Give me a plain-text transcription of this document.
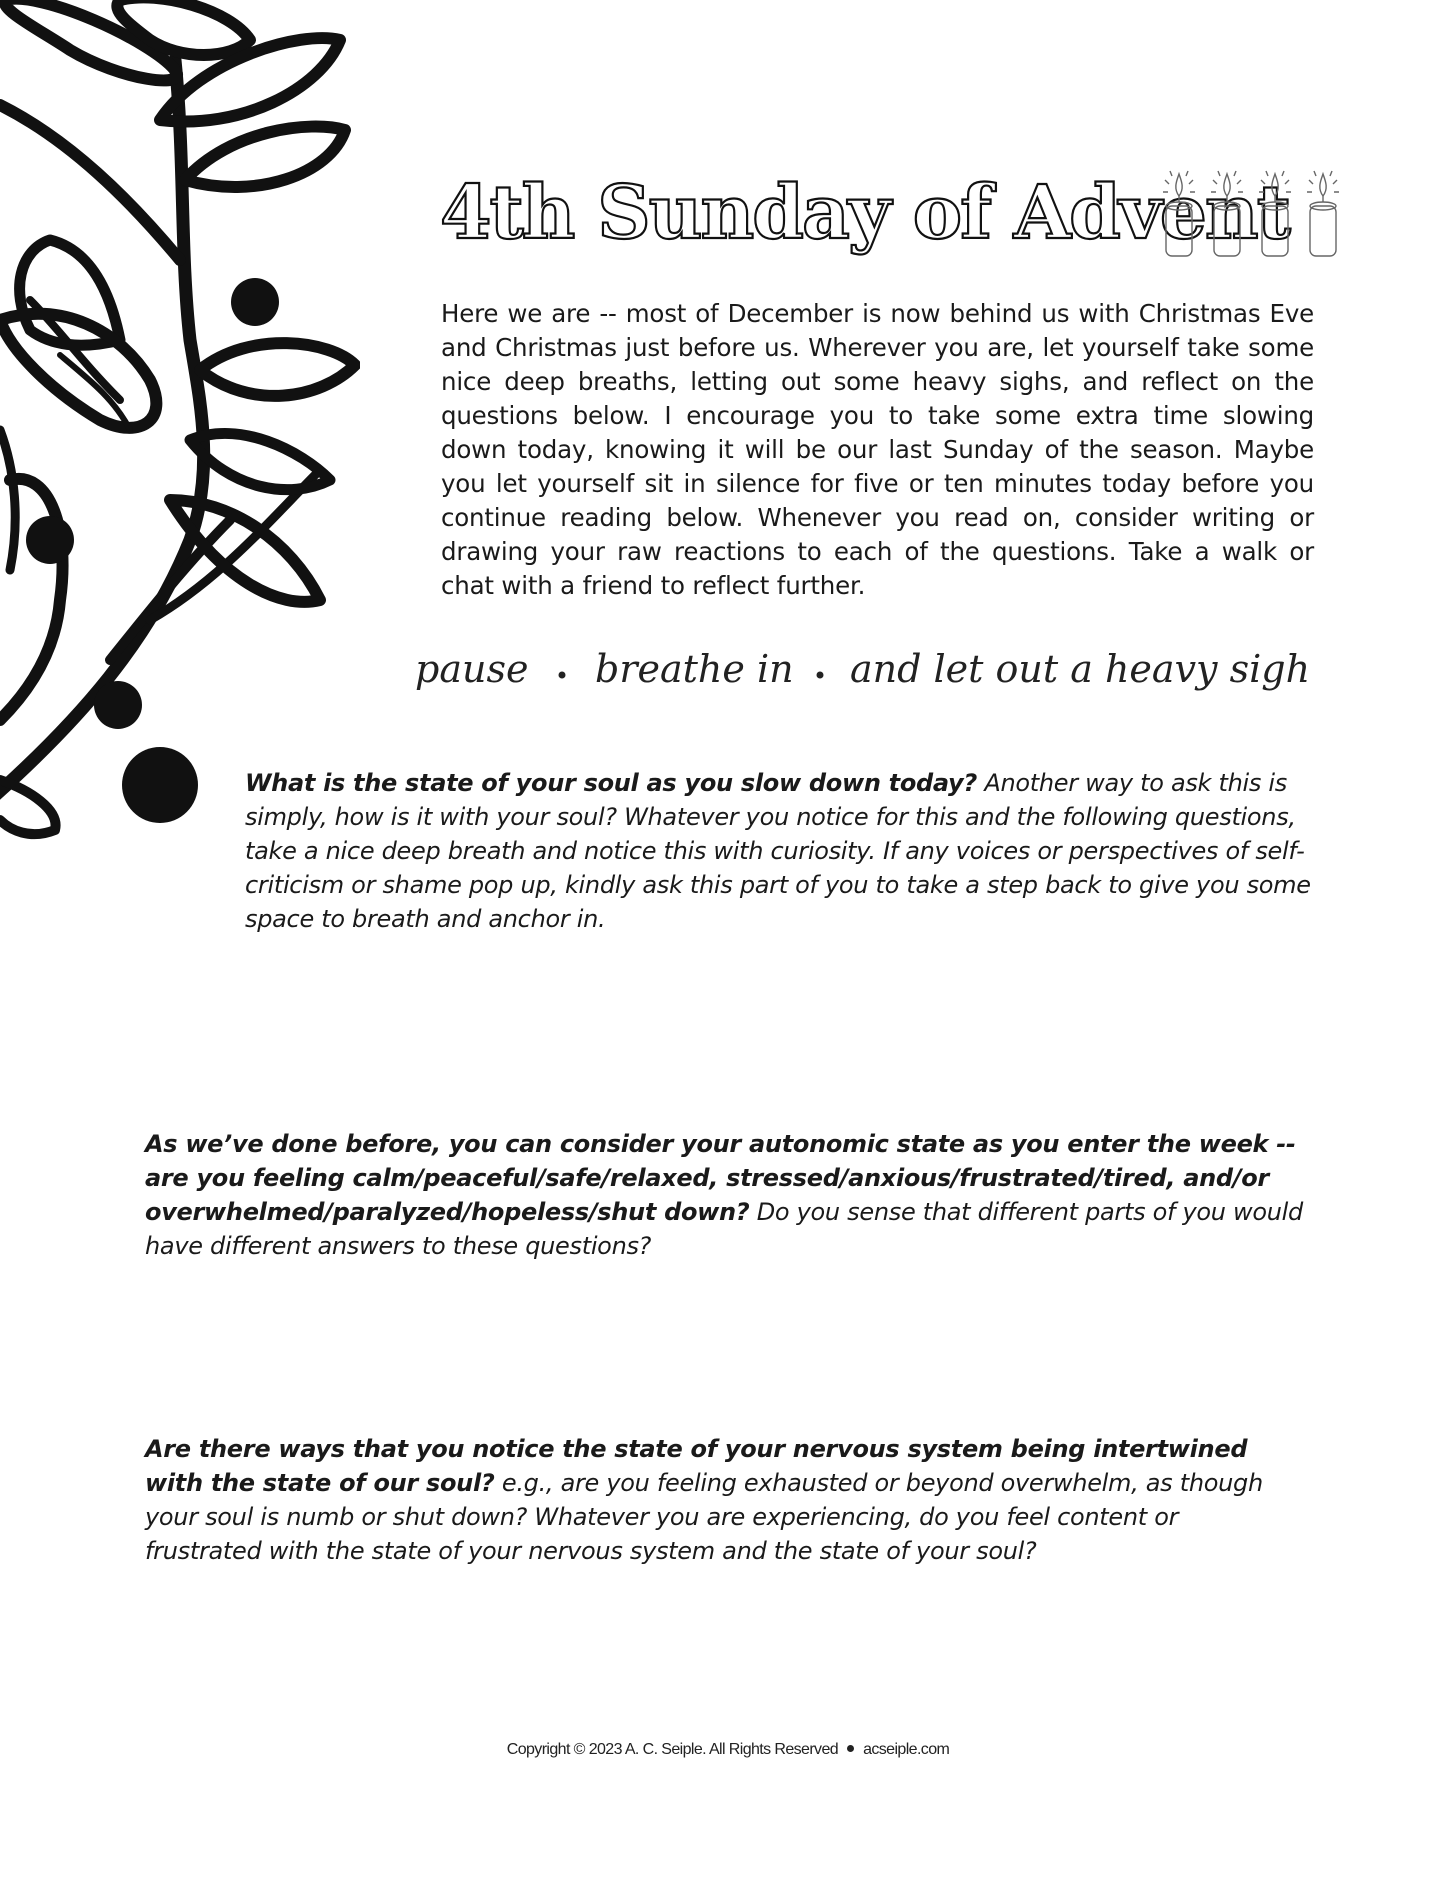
4th Sunday of Advent

Here we are -- most of December is now behind us with Christmas Eve and Christmas just before us. Wherever you are, let yourself take some nice deep breaths, letting out some heavy sighs, and reflect on the questions below. I encourage you to take some extra time slowing down today, knowing it will be our last Sunday of the season. Maybe you let yourself sit in silence for five or ten minutes today before you continue reading below. Whenever you read on, consider writing or drawing your raw reactions to each of the questions. Take a walk or chat with a friend to reflect further.

pause breathe in and let out a heavy sigh

What is the state of your soul as you slow down today? Another way to ask this is simply, how is it with your soul? Whatever you notice for this and the following questions, take a nice deep breath and notice this with curiosity. If any voices or perspectives of self-criticism or shame pop up, kindly ask this part of you to take a step back to give you some space to breath and anchor in.

As we’ve done before, you can consider your autonomic state as you enter the week -- are you feeling calm/peaceful/safe/relaxed, stressed/anxious/frustrated/tired, and/or overwhelmed/paralyzed/hopeless/shut down? Do you sense that different parts of you would have different answers to these questions?

Are there ways that you notice the state of your nervous system being intertwined with the state of our soul? e.g., are you feeling exhausted or beyond overwhelm, as though your soul is numb or shut down? Whatever you are experiencing, do you feel content or frustrated with the state of your nervous system and the state of your soul?

Copyright © 2023 A. C. Seiple. All Rights Reserved acseiple.com
